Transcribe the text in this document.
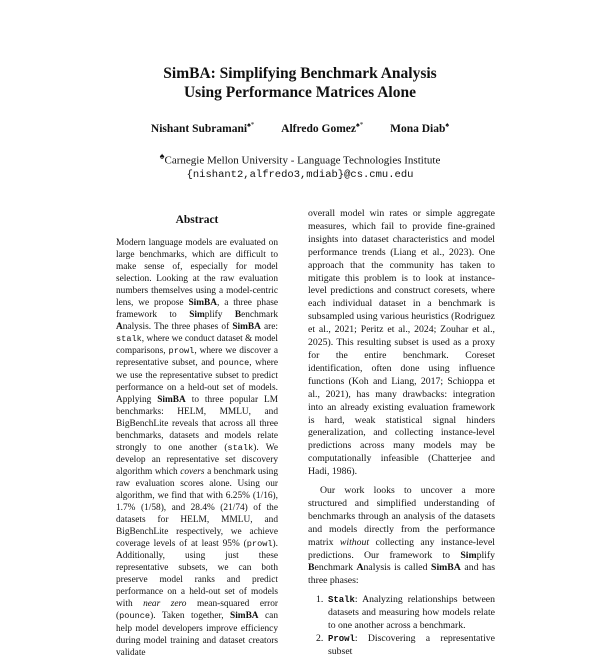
SimBA: Simplifying Benchmark Analysis
Using Performance Matrices Alone
Nishant Subramani♠* Alfredo Gomez♠* Mona Diab♠
♠Carnegie Mellon University - Language Technologies Institute
{nishant2,alfredo3,mdiab}@cs.cmu.edu
Abstract
Modern language models are evaluated on large benchmarks, which are difficult to make sense of, especially for model selection. Looking at the raw evaluation numbers themselves using a model-centric lens, we propose SimBA, a three phase framework to Simplify Benchmark Analysis. The three phases of SimBA are: stalk, where we conduct dataset & model comparisons, prowl, where we discover a representative subset, and pounce, where we use the representative subset to predict performance on a held-out set of models. Applying SimBA to three popular LM benchmarks: HELM, MMLU, and BigBenchLite reveals that across all three benchmarks, datasets and models relate strongly to one another (stalk). We develop an representative set discovery algorithm which covers a benchmark using raw evaluation scores alone. Using our algorithm, we find that with 6.25% (1/16), 1.7% (1/58), and 28.4% (21/74) of the datasets for HELM, MMLU, and BigBenchLite respectively, we achieve coverage levels of at least 95% (prowl). Additionally, using just these representative subsets, we can both preserve model ranks and predict performance on a held-out set of models with near zero mean-squared error (pounce). Taken together, SimBA can help model developers improve efficiency during model training and dataset creators validate

overall model win rates or simple aggregate measures, which fail to provide fine-grained insights into dataset characteristics and model performance trends (Liang et al., 2023). One approach that the community has taken to mitigate this problem is to look at instance-level predictions and construct coresets, where each individual dataset in a benchmark is subsampled using various heuristics (Rodriguez et al., 2021; Peritz et al., 2024; Zouhar et al., 2025). This resulting subset is used as a proxy for the entire benchmark. Coreset identification, often done using influence functions (Koh and Liang, 2017; Schioppa et al., 2021), has many drawbacks: integration into an already existing evaluation framework is hard, weak statistical signal hinders generalization, and collecting instance-level predictions across many models may be computationally infeasible (Chatterjee and Hadi, 1986).

Our work looks to uncover a more structured and simplified understanding of benchmarks through an analysis of the datasets and models directly from the performance matrix without collecting any instance-level predictions. Our framework to Simplify Benchmark Analysis is called SimBA and has three phases:

1. Stalk: Analyzing relationships between datasets and measuring how models relate to one another across a benchmark.
2. Prowl: Discovering a representative subset
